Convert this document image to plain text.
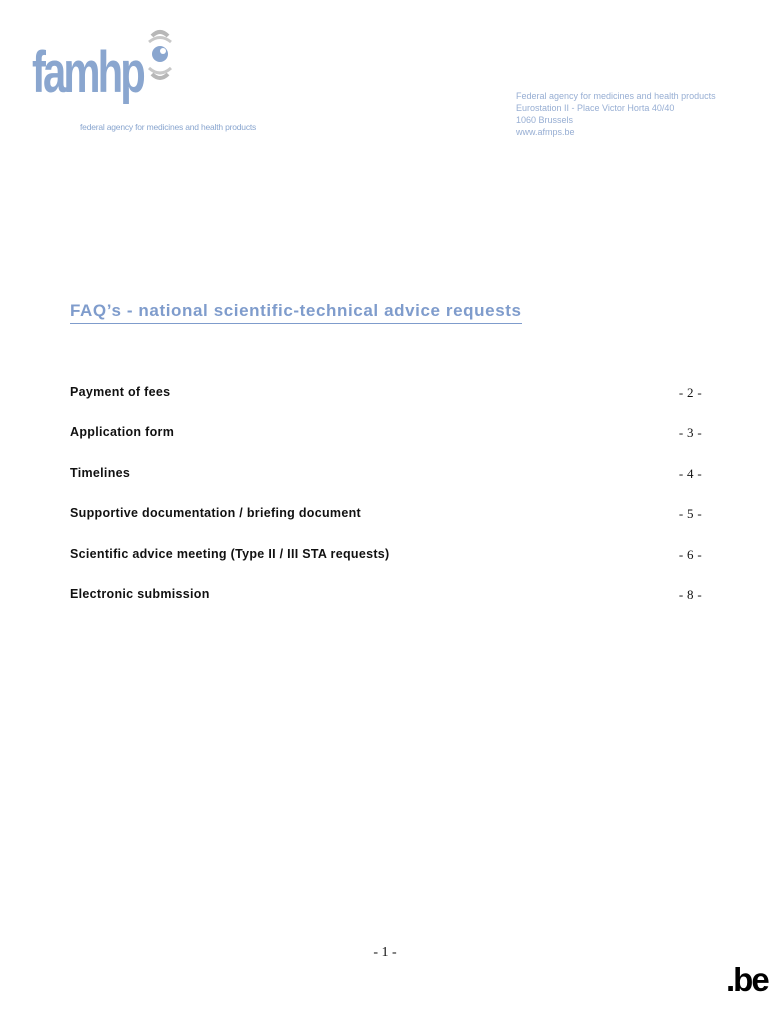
famhp
federal agency for medicines and health products
Federal agency for medicines and health products
Eurostation II - Place Victor Horta 40/40
1060 Brussels
www.afmps.be
FAQ’s - national scientific-technical advice requests
Payment of fees	- 2 -
Application form	- 3 -
Timelines	- 4 -
Supportive documentation / briefing document	- 5 -
Scientific advice meeting (Type II / III STA requests)	- 6 -
Electronic submission	- 8 -
- 1 -
.be
